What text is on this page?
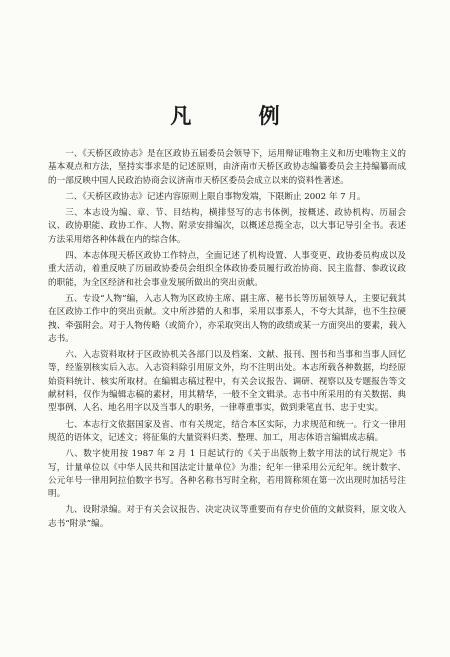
凡 例

一、《天桥区政协志》是在区政协五届委员会领导下，运用辩证唯物主义和历史唯物主义的基本观点和方法，坚持实事求是的记述原则，由济南市天桥区政协志编纂委员会主持编纂而成的一部反映中国人民政治协商会议济南市天桥区委员会成立以来的资料性著述。

二、《天桥区政协志》记述内容原则上限自事物发端，下限断止 2002 年 7 月。

三、本志设为编、章、节、目结构，横排竖写的志书体例，按概述、政协机构、历届会议、政协职能、政协工作、人物、附录安排编次，以概述总揽全志，以大事记导引全书。表述方法采用熔各种体裁在内的综合体。

四、本志体现天桥区政协工作特点，全面记述了机构设置、人事变更、政协委员构成以及重大活动，着重反映了历届政协委员会组织全体政协委员履行政治协商、民主监督、参政议政的职能，为全区经济和社会事业发展所做出的突出贡献。

五、专设“人物”编，入志人物为区政协主席、副主席、秘书长等历届领导人，主要记载其在区政协工作中的突出贡献。文中所涉猎的人和事，采用以事系人，不夸大其辞，也不生拉硬拽、牵强附会。对于人物传略（或简介），亦采取突出人物的政绩或某一方面突出的要素，载入志书。

六、入志资料取材于区政协机关各部门以及档案、文献、报刊、图书和当事和当事人回忆等，经鉴别核实后入志。入志资料除引用原文外，均不注明出处。本志所载各种数据，均经原始资料统计、核实所取材。在编辑志稿过程中，有关会议报告、调研、视察以及专题报告等文献材料，仅作为编辑志稿的素材，用其精华，一般不全文辑录。志书中所采用的有关数据、典型事例、人名、地名用字以及当事人的职务，一律尊重事实，做到秉笔直书、忠于史实。

七、本志行文依据国家及省、市有关规定，结合本区实际，力求规范和统一。行文一律用规范的语体文，记述文；将征集的大量资料归类、整理、加工，用志体语言编辑成志稿。

八、数字使用按 1987 年 2 月 1 日起试行的《关于出版物上数字用法的试行规定》书写，计量单位以《中华人民共和国法定计量单位》为准；纪年一律采用公元纪年。统计数字、公元年号一律用阿拉伯数字书写。各种名称书写时全称，若用简称须在第一次出现时加括号注明。

九、设附录编。对于有关会议报告、决定决议等重要而有存史价值的文献资料，原文收入志书“附录”编。
